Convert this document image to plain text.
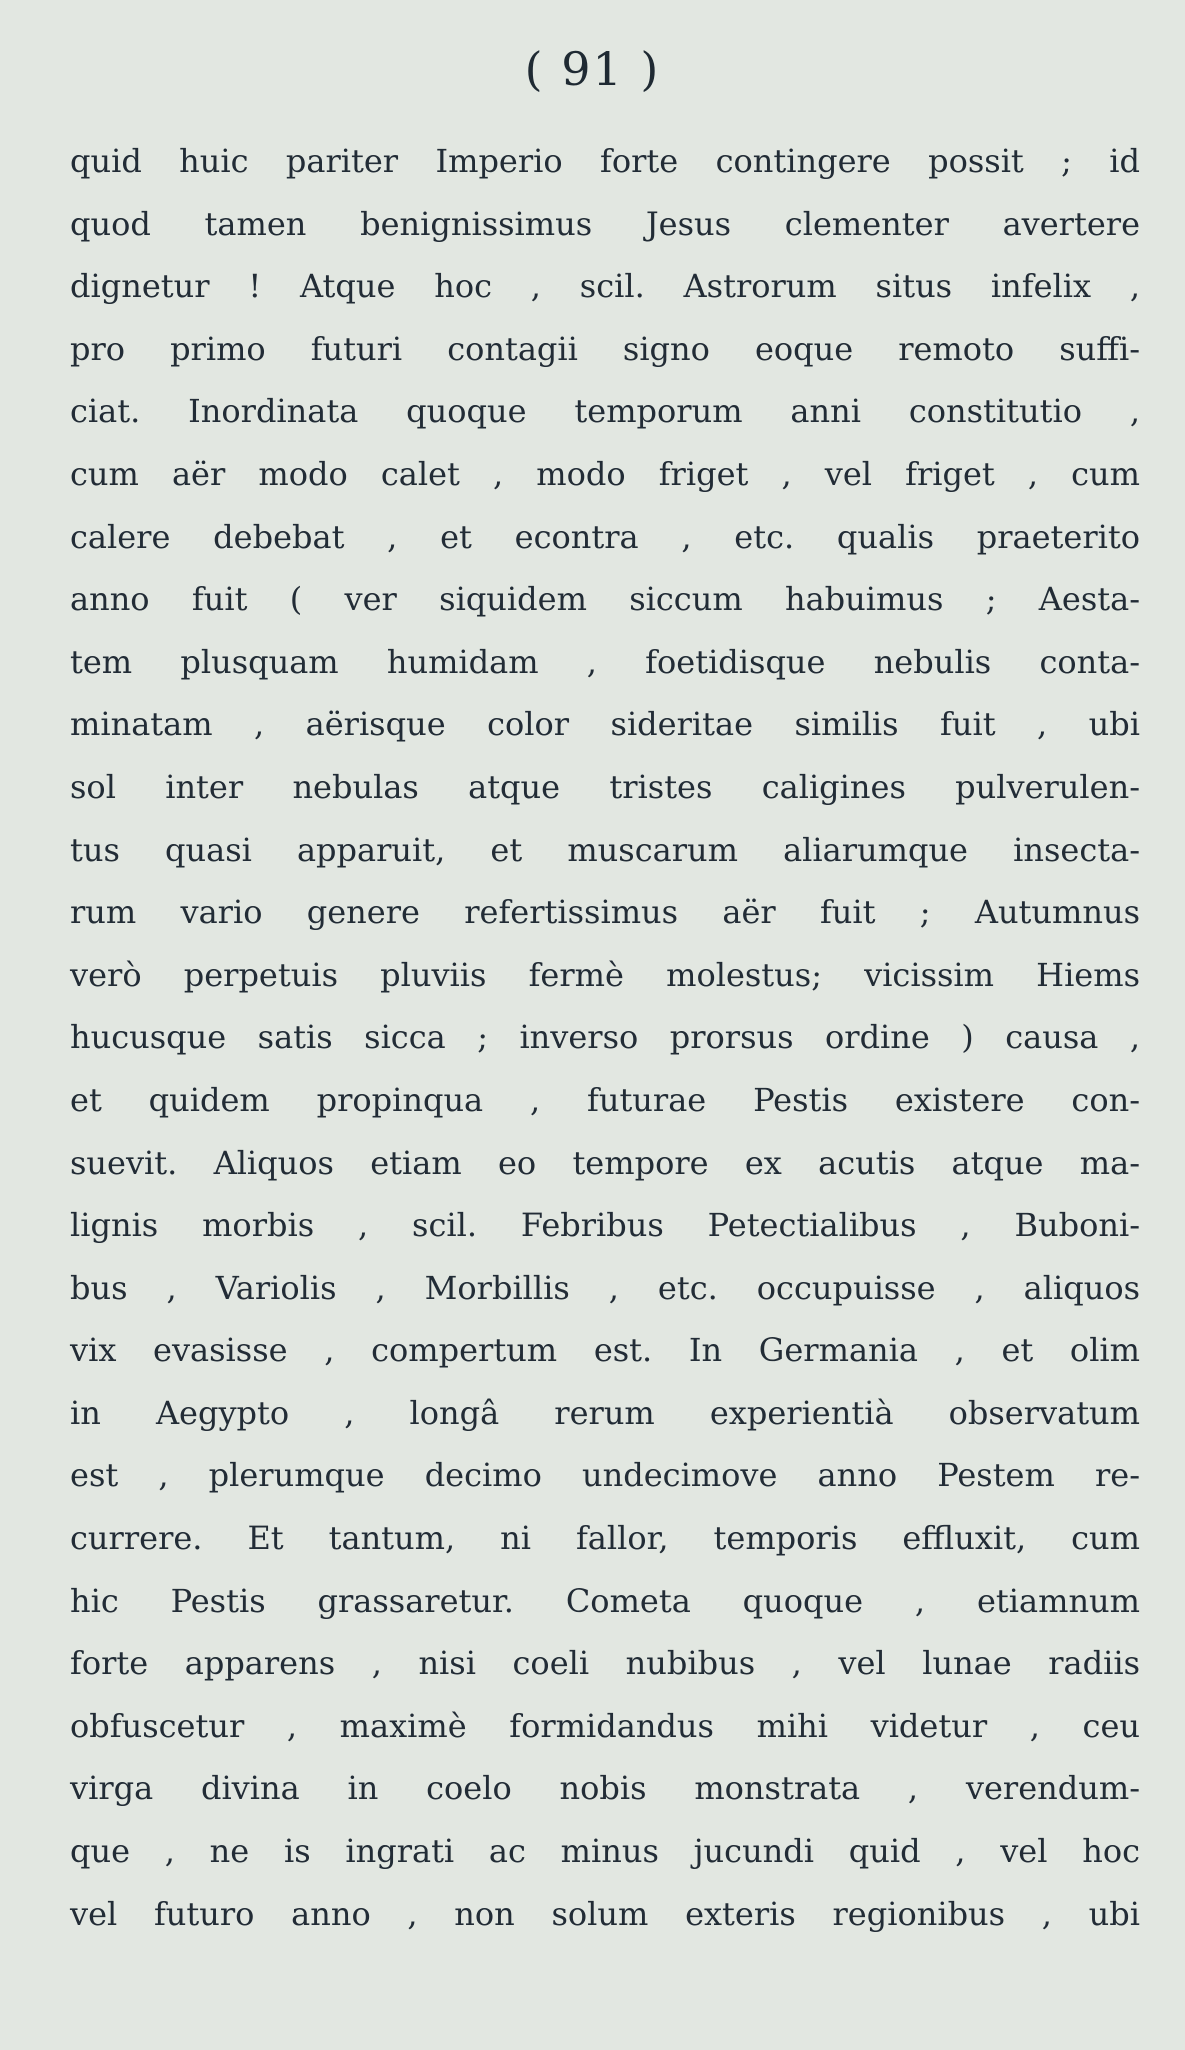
( 91 )
quid huic pariter Imperio forte contingere possit ; id
quod tamen benignissimus Jesus clementer avertere
dignetur ! Atque hoc , scil. Astrorum situs infelix ,
pro primo futuri contagii signo eoque remoto suffi-
ciat. Inordinata quoque temporum anni constitutio ,
cum aër modo calet , modo friget , vel friget , cum
calere debebat , et econtra , etc. qualis praeterito
anno fuit ( ver siquidem siccum habuimus ; Aesta-
tem plusquam humidam , foetidisque nebulis conta-
minatam , aërisque color sideritae similis fuit , ubi
sol inter nebulas atque tristes caligines pulverulen-
tus quasi apparuit, et muscarum aliarumque insecta-
rum vario genere refertissimus aër fuit ; Autumnus
verò perpetuis pluviis fermè molestus; vicissim Hiems
hucusque satis sicca ; inverso prorsus ordine ) causa ,
et quidem propinqua , futurae Pestis existere con-
suevit. Aliquos etiam eo tempore ex acutis atque ma-
lignis morbis , scil. Febribus Petectialibus , Buboni-
bus , Variolis , Morbillis , etc. occupuisse , aliquos
vix evasisse , compertum est. In Germania , et olim
in Aegypto , longâ rerum experientià observatum
est , plerumque decimo undecimove anno Pestem re-
currere. Et tantum, ni fallor, temporis effluxit, cum
hic Pestis grassaretur. Cometa quoque , etiamnum
forte apparens , nisi coeli nubibus , vel lunae radiis
obfuscetur , maximè formidandus mihi videtur , ceu
virga divina in coelo nobis monstrata , verendum-
que , ne is ingrati ac minus jucundi quid , vel hoc
vel futuro anno , non solum exteris regionibus , ubi
